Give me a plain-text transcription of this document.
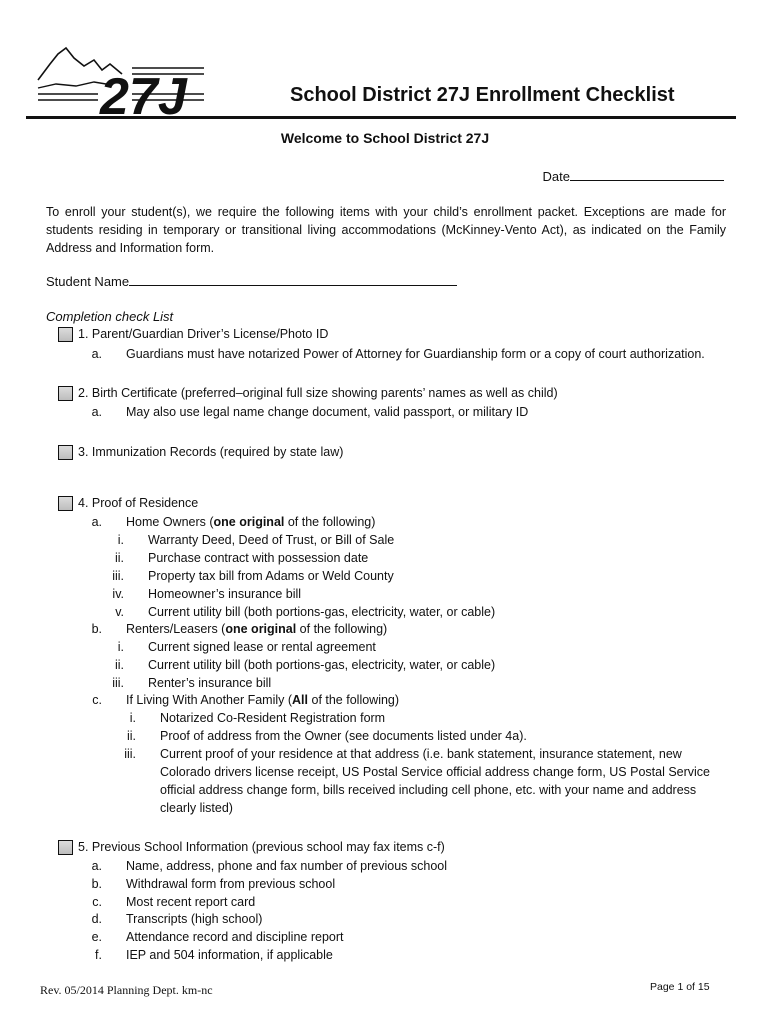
27J	School District 27J Enrollment Checklist
Welcome to School District 27J
Date
To enroll your student(s), we require the following items with your child’s enrollment packet. Exceptions are made for students residing in temporary or transitional living accommodations (McKinney-Vento Act), as indicated on the Family Address and Information form.
Student Name
Completion check List
1. Parent/Guardian Driver’s License/Photo ID
a. Guardians must have notarized Power of Attorney for Guardianship form or a copy of court authorization.
2. Birth Certificate (preferred–original full size showing parents’ names as well as child)
a. May also use legal name change document, valid passport, or military ID
3. Immunization Records (required by state law)
4. Proof of Residence
a. Home Owners (one original of the following)
i. Warranty Deed, Deed of Trust, or Bill of Sale
ii. Purchase contract with possession date
iii. Property tax bill from Adams or Weld County
iv. Homeowner’s insurance bill
v. Current utility bill (both portions-gas, electricity, water, or cable)
b. Renters/Leasers (one original of the following)
i. Current signed lease or rental agreement
ii. Current utility bill (both portions-gas, electricity, water, or cable)
iii. Renter’s insurance bill
c. If Living With Another Family (All of the following)
i. Notarized Co-Resident Registration form
ii. Proof of address from the Owner (see documents listed under 4a).
iii. Current proof of your residence at that address (i.e. bank statement, insurance statement, new
Colorado drivers license receipt, US Postal Service official address change form, US Postal Service
official address change form, bills received including cell phone, etc. with your name and address
clearly listed)
5. Previous School Information (previous school may fax items c-f)
a. Name, address, phone and fax number of previous school
b. Withdrawal form from previous school
c. Most recent report card
d. Transcripts (high school)
e. Attendance record and discipline report
f. IEP and 504 information, if applicable
Rev. 05/2014 Planning Dept. km-nc	Page 1 of 15
